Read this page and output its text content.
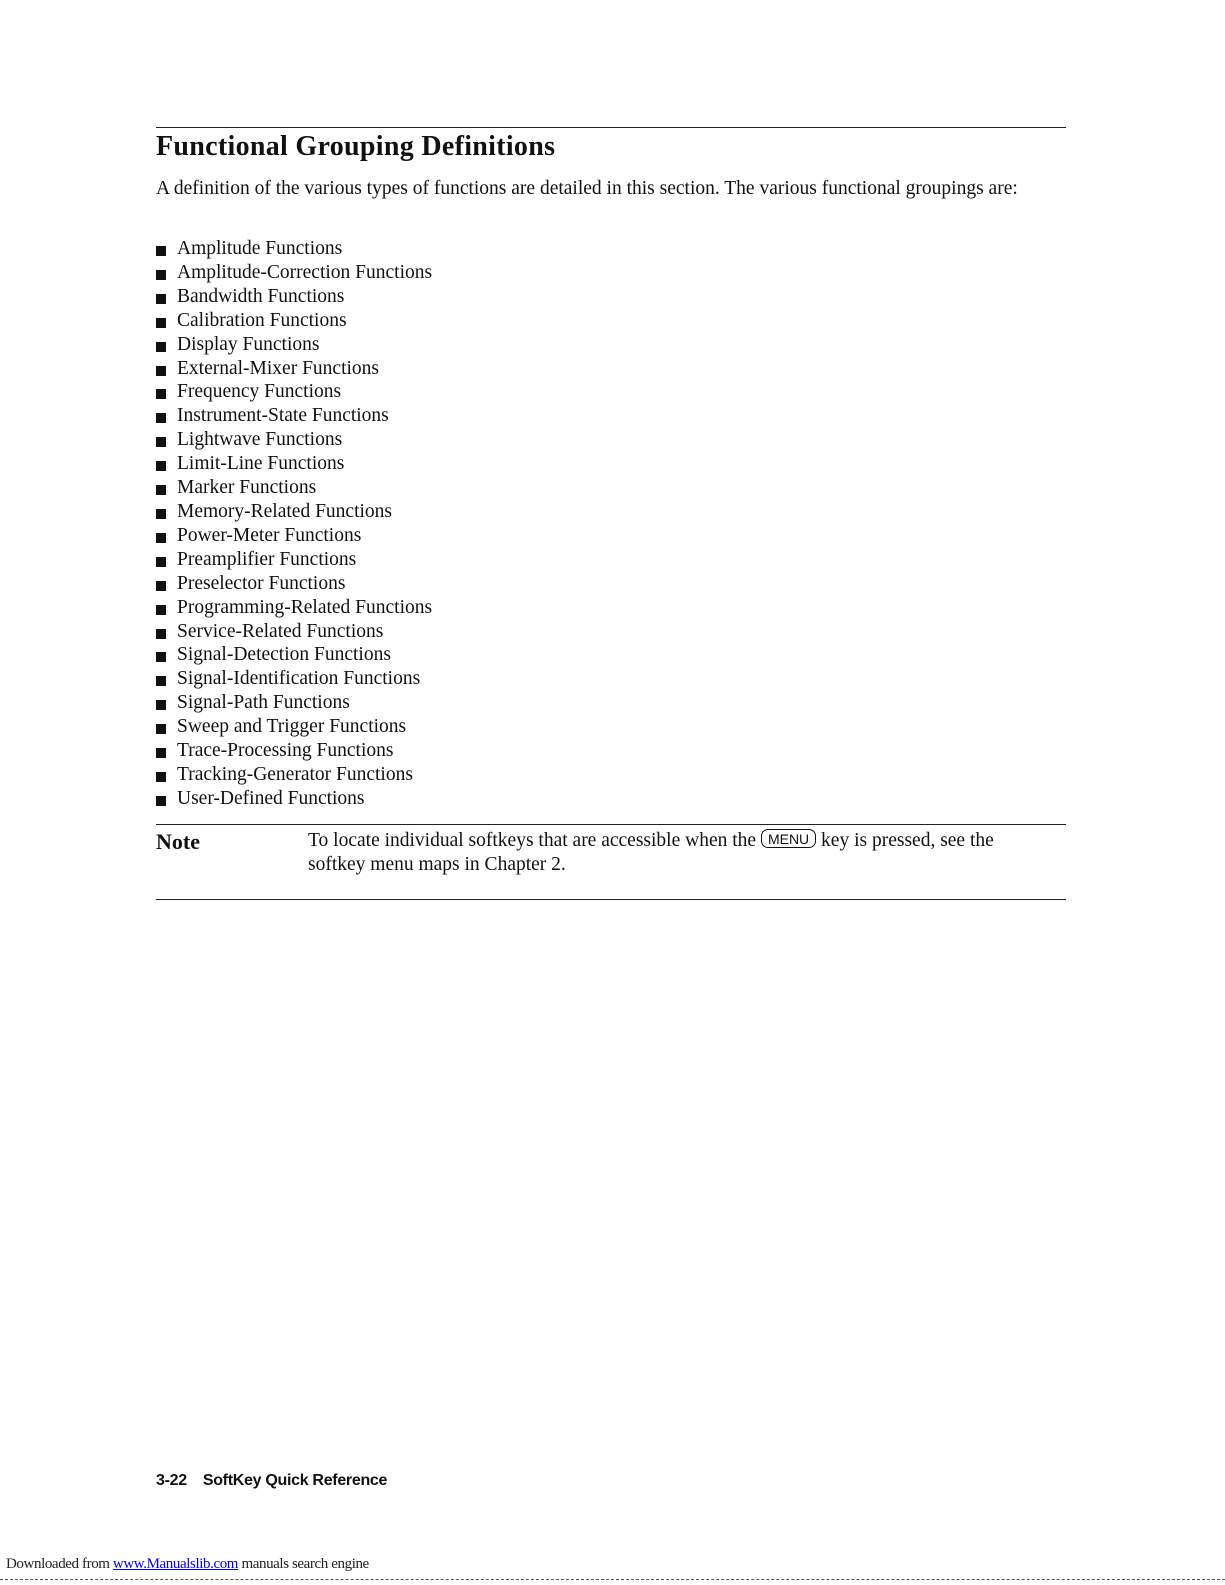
Functional Grouping Definitions

A definition of the various types of functions are detailed in this section. The various functional groupings are:

Amplitude Functions
Amplitude-Correction Functions
Bandwidth Functions
Calibration Functions
Display Functions
External-Mixer Functions
Frequency Functions
Instrument-State Functions
Lightwave Functions
Limit-Line Functions
Marker Functions
Memory-Related Functions
Power-Meter Functions
Preamplifier Functions
Preselector Functions
Programming-Related Functions
Service-Related Functions
Signal-Detection Functions
Signal-Identification Functions
Signal-Path Functions
Sweep and Trigger Functions
Trace-Processing Functions
Tracking-Generator Functions
User-Defined Functions
Note	To locate individual softkeys that are accessible when the MENU key is pressed, see the softkey menu maps in Chapter 2.

3-22 SoftKey Quick Reference
Downloaded from www.Manualslib.com manuals search engine
